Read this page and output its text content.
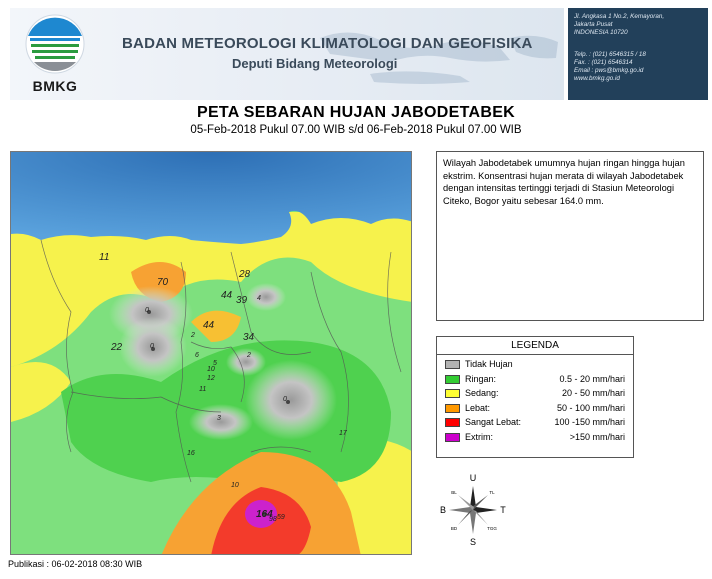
BMKG
BADAN METEOROLOGI KLIMATOLOGI DAN GEOFISIKA
Deputi Bidang Meteorologi
Jl. Angkasa 1 No.2, Kemayoran,
Jakarta Pusat
INDONESIA 10720
Telp. : (021) 6546315 / 18
Fax. : (021) 6546314
Email : pws@bmkg.go.id
www.bmkg.go.id
PETA SEBARAN HUJAN JABODETABEK
05-Feb-2018 Pukul 07.00 WIB s/d 06-Feb-2018 Pukul 07.00 WIB
11
70
28
44 39
44
34
22
0
0
6
10
12
5
2
11
3
0
17
16
10
164
98 59
4
2
Wilayah Jabodetabek umumnya hujan ringan hingga hujan ekstrim. Konsentrasi hujan merata di wilayah Jabodetabek dengan intensitas tertinggi terjadi di Stasiun Meteorologi Citeko, Bogor yaitu sebesar 164.0 mm.
LEGENDA
Tidak Hujan
Ringan:	0.5 - 20 mm/hari
Sedang:	20 - 50 mm/hari
Lebat:	50 - 100 mm/hari
Sangat Lebat:	100 -150 mm/hari
Extrim:	>150 mm/hari
U
S
T
B
BL	TL
BD	TGG
Publikasi : 06-02-2018 08:30 WIB
